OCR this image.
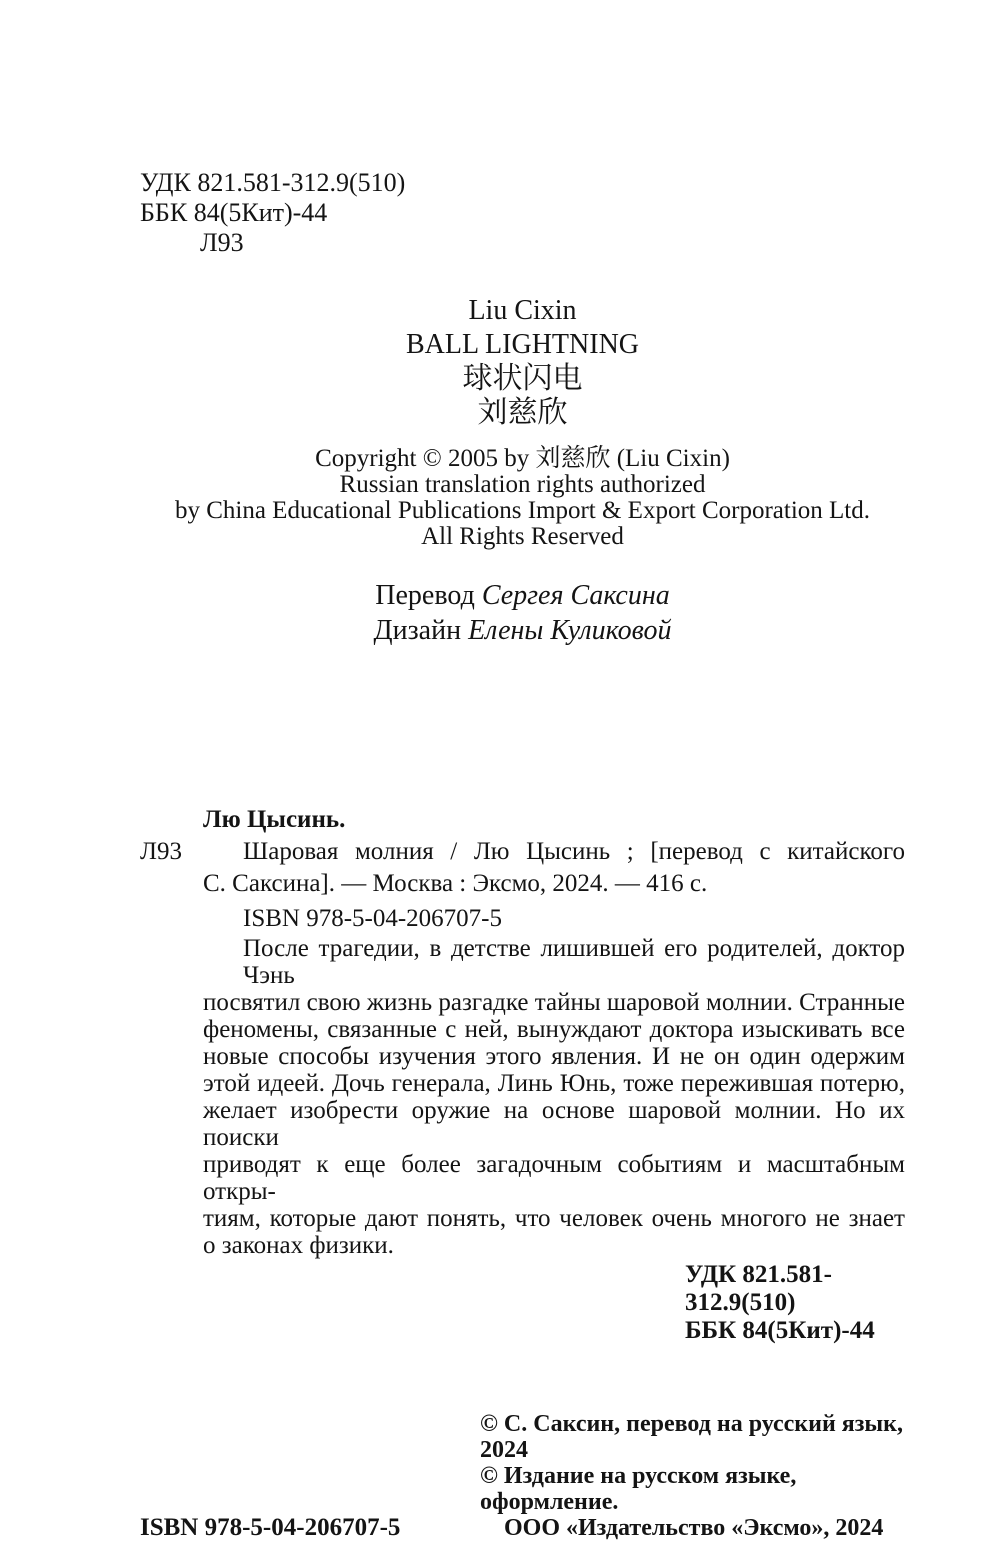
УДК 821.581-312.9(510)
ББК 84(5Кит)-44
Л93
Liu Cixin
BALL LIGHTNING
球状闪电
刘慈欣
Copyright © 2005 by 刘慈欣 (Liu Cixin)
Russian translation rights authorized
by China Educational Publications Import & Export Corporation Ltd.
All Rights Reserved
Перевод Сергея Саксина
Дизайн Елены Куликовой
Лю Цысинь.
Л93	Шаровая молния / Лю Цысинь ; [перевод с китайского
С. Саксина]. — Москва : Эксмо, 2024. — 416 с.
ISBN 978-5-04-206707-5
После трагедии, в детстве лишившей его родителей, доктор Чэнь
посвятил свою жизнь разгадке тайны шаровой молнии. Странные
феномены, связанные с ней, вынуждают доктора изыскивать все
новые способы изучения этого явления. И не он один одержим
этой идеей. Дочь генерала, Линь Юнь, тоже пережившая потерю,
желает изобрести оружие на основе шаровой молнии. Но их поиски
приводят к еще более загадочным событиям и масштабным откры-
тиям, которые дают понять, что человек очень многого не знает
о законах физики.
УДК 821.581-312.9(510)
ББК 84(5Кит)-44
© С. Саксин, перевод на русский язык, 2024
© Издание на русском языке, оформление.
ООО «Издательство «Эксмо», 2024
ISBN 978-5-04-206707-5
